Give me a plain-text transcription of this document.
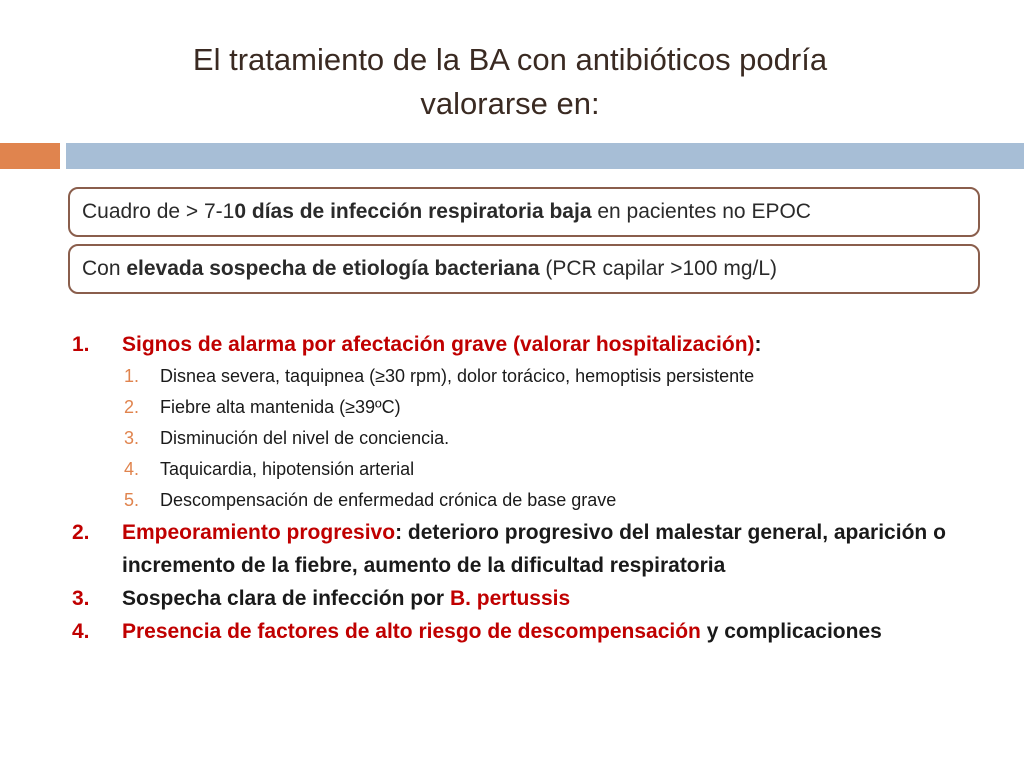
El tratamiento de la BA con antibióticos podría
valorarse en:
Cuadro de > 7-10 días de infección respiratoria baja en pacientes no EPOC
Con elevada sospecha de etiología bacteriana (PCR capilar >100 mg/L)
1. Signos de alarma por afectación grave (valorar hospitalización):
1. Disnea severa, taquipnea (≥30 rpm), dolor torácico, hemoptisis persistente
2. Fiebre alta mantenida (≥39ºC)
3. Disminución del nivel de conciencia.
4. Taquicardia, hipotensión arterial
5. Descompensación de enfermedad crónica de base grave
2. Empeoramiento progresivo: deterioro progresivo del malestar general, aparición o incremento de la fiebre, aumento de la dificultad respiratoria
3. Sospecha clara de infección por B. pertussis
4. Presencia de factores de alto riesgo de descompensación y complicaciones
